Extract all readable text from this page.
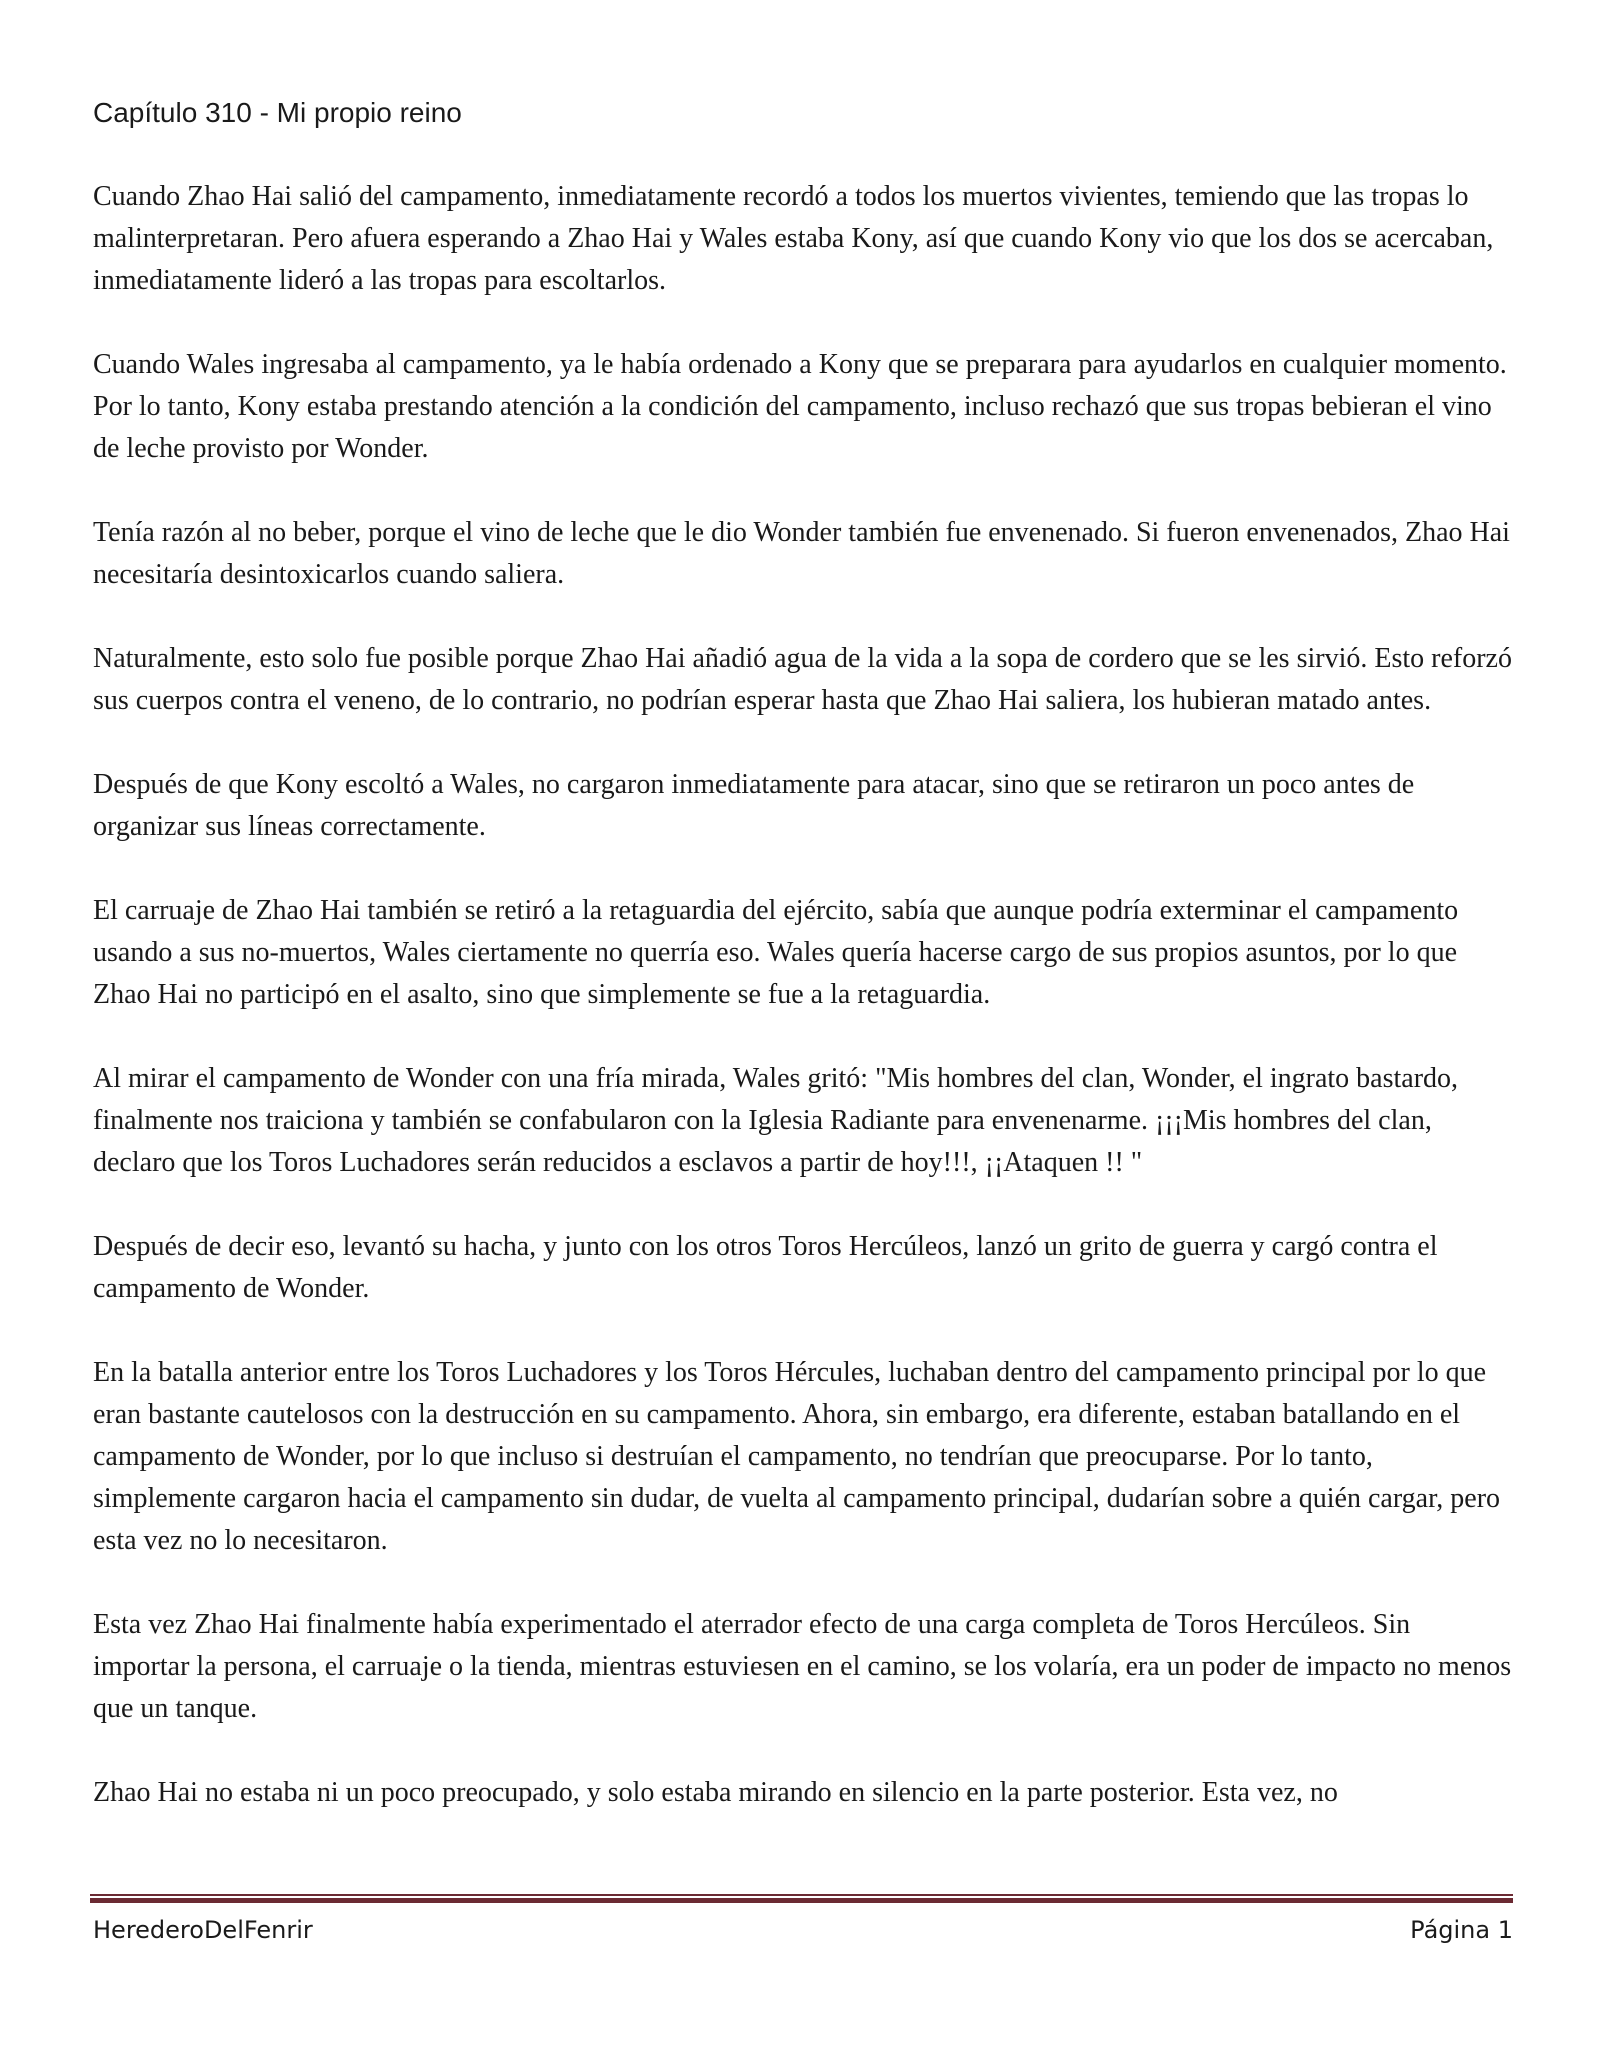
Capítulo 310 - Mi propio reino

Cuando Zhao Hai salió del campamento, inmediatamente recordó a todos los muertos vivientes, temiendo que las tropas lo malinterpretaran. Pero afuera esperando a Zhao Hai y Wales estaba Kony, así que cuando Kony vio que los dos se acercaban, inmediatamente lideró a las tropas para escoltarlos.

Cuando Wales ingresaba al campamento, ya le había ordenado a Kony que se preparara para ayudarlos en cualquier momento. Por lo tanto, Kony estaba prestando atención a la condición del campamento, incluso rechazó que sus tropas bebieran el vino de leche provisto por Wonder.

Tenía razón al no beber, porque el vino de leche que le dio Wonder también fue envenenado. Si fueron envenenados, Zhao Hai necesitaría desintoxicarlos cuando saliera.

Naturalmente, esto solo fue posible porque Zhao Hai añadió agua de la vida a la sopa de cordero que se les sirvió. Esto reforzó sus cuerpos contra el veneno, de lo contrario, no podrían esperar hasta que Zhao Hai saliera, los hubieran matado antes.

Después de que Kony escoltó a Wales, no cargaron inmediatamente para atacar, sino que se retiraron un poco antes de organizar sus líneas correctamente.

El carruaje de Zhao Hai también se retiró a la retaguardia del ejército, sabía que aunque podría exterminar el campamento usando a sus no-muertos, Wales ciertamente no querría eso. Wales quería hacerse cargo de sus propios asuntos, por lo que Zhao Hai no participó en el asalto, sino que simplemente se fue a la retaguardia.

Al mirar el campamento de Wonder con una fría mirada, Wales gritó: "Mis hombres del clan, Wonder, el ingrato bastardo, finalmente nos traiciona y también se confabularon con la Iglesia Radiante para envenenarme. ¡¡¡Mis hombres del clan, declaro que los Toros Luchadores serán reducidos a esclavos a partir de hoy!!!, ¡¡Ataquen !! "

Después de decir eso, levantó su hacha, y junto con los otros Toros Hercúleos, lanzó un grito de guerra y cargó contra el campamento de Wonder.

En la batalla anterior entre los Toros Luchadores y los Toros Hércules, luchaban dentro del campamento principal por lo que eran bastante cautelosos con la destrucción en su campamento. Ahora, sin embargo, era diferente, estaban batallando en el campamento de Wonder, por lo que incluso si destruían el campamento, no tendrían que preocuparse. Por lo tanto, simplemente cargaron hacia el campamento sin dudar, de vuelta al campamento principal, dudarían sobre a quién cargar, pero esta vez no lo necesitaron.

Esta vez Zhao Hai finalmente había experimentado el aterrador efecto de una carga completa de Toros Hercúleos. Sin importar la persona, el carruaje o la tienda, mientras estuviesen en el camino, se los volaría, era un poder de impacto no menos que un tanque.

Zhao Hai no estaba ni un poco preocupado, y solo estaba mirando en silencio en la parte posterior. Esta vez, no

HerederoDelFenrir	Página 1
